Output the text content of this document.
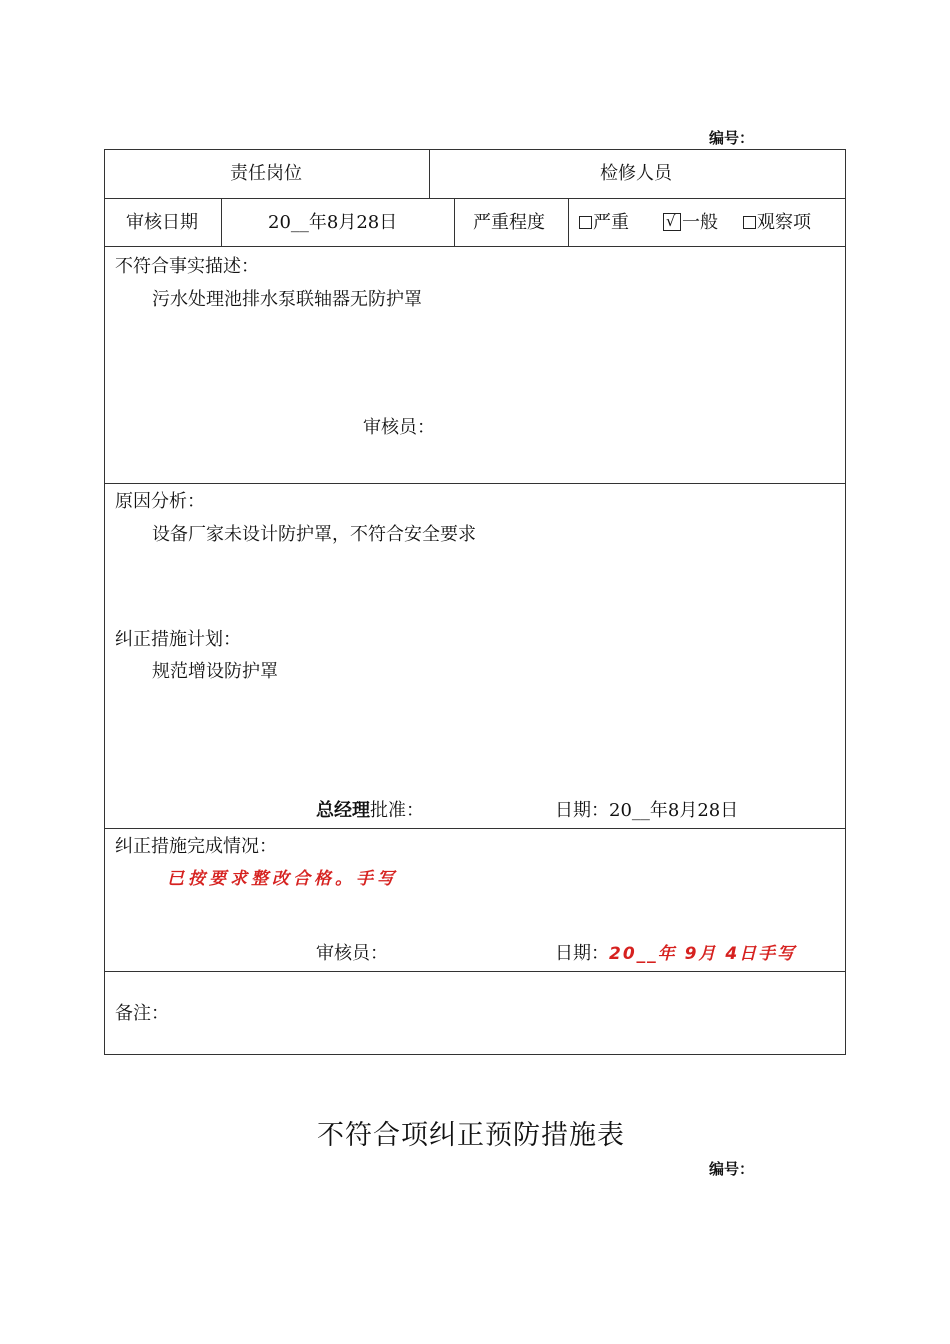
编号：
责任岗位	检修人员
审核日期	20__年8月28日	严重程度	严重 √ 一般	观察项
不符合事实描述：
污水处理池排水泵联轴器无防护罩
审核员：
原因分析：
设备厂家未设计防护罩，不符合安全要求
纠正措施计划：
规范增设防护罩
总经理批准：	日期：20__年8月28日
纠正措施完成情况：
已按要求整改合格。手写
审核员：	日期：20__年 9月 4日手写
备注：
不符合项纠正预防措施表
编号：
